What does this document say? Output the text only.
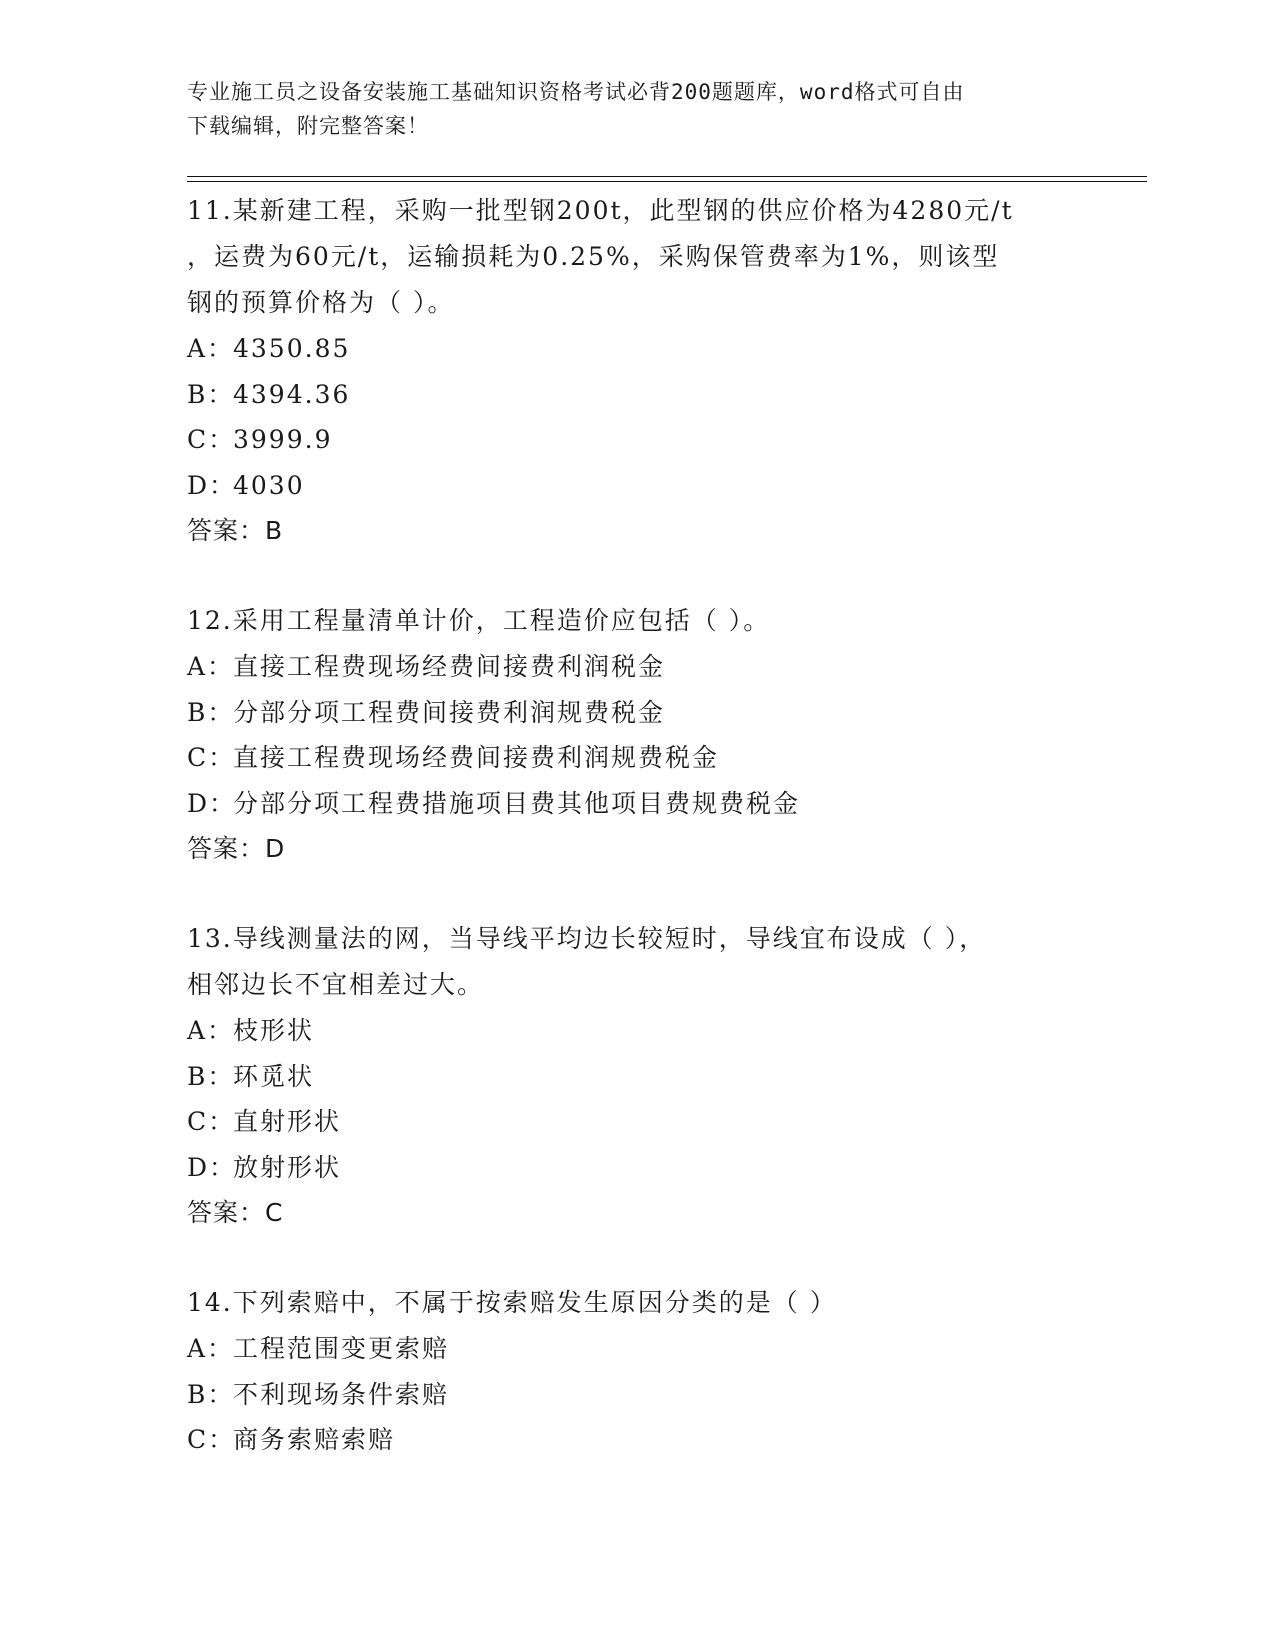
专业施工员之设备安装施工基础知识资格考试必背200题题库，word格式可自由
下载编辑，附完整答案！
11.某新建工程，采购一批型钢200t，此型钢的供应价格为4280元/t
，运费为60元/t，运输损耗为0.25%，采购保管费率为1%，则该型
钢的预算价格为（ ）。
A：4350.85
B：4394.36
C：3999.9
D：4030
答案：B
12.采用工程量清单计价，工程造价应包括（ ）。
A：直接工程费现场经费间接费利润税金
B：分部分项工程费间接费利润规费税金
C：直接工程费现场经费间接费利润规费税金
D：分部分项工程费措施项目费其他项目费规费税金
答案：D
13.导线测量法的网，当导线平均边长较短时，导线宜布设成（ ），
相邻边长不宜相差过大。
A：枝形状
B：环觅状
C：直射形状
D：放射形状
答案：C
14.下列索赔中，不属于按索赔发生原因分类的是（ ）
A：工程范围变更索赔
B：不利现场条件索赔
C：商务索赔索赔
